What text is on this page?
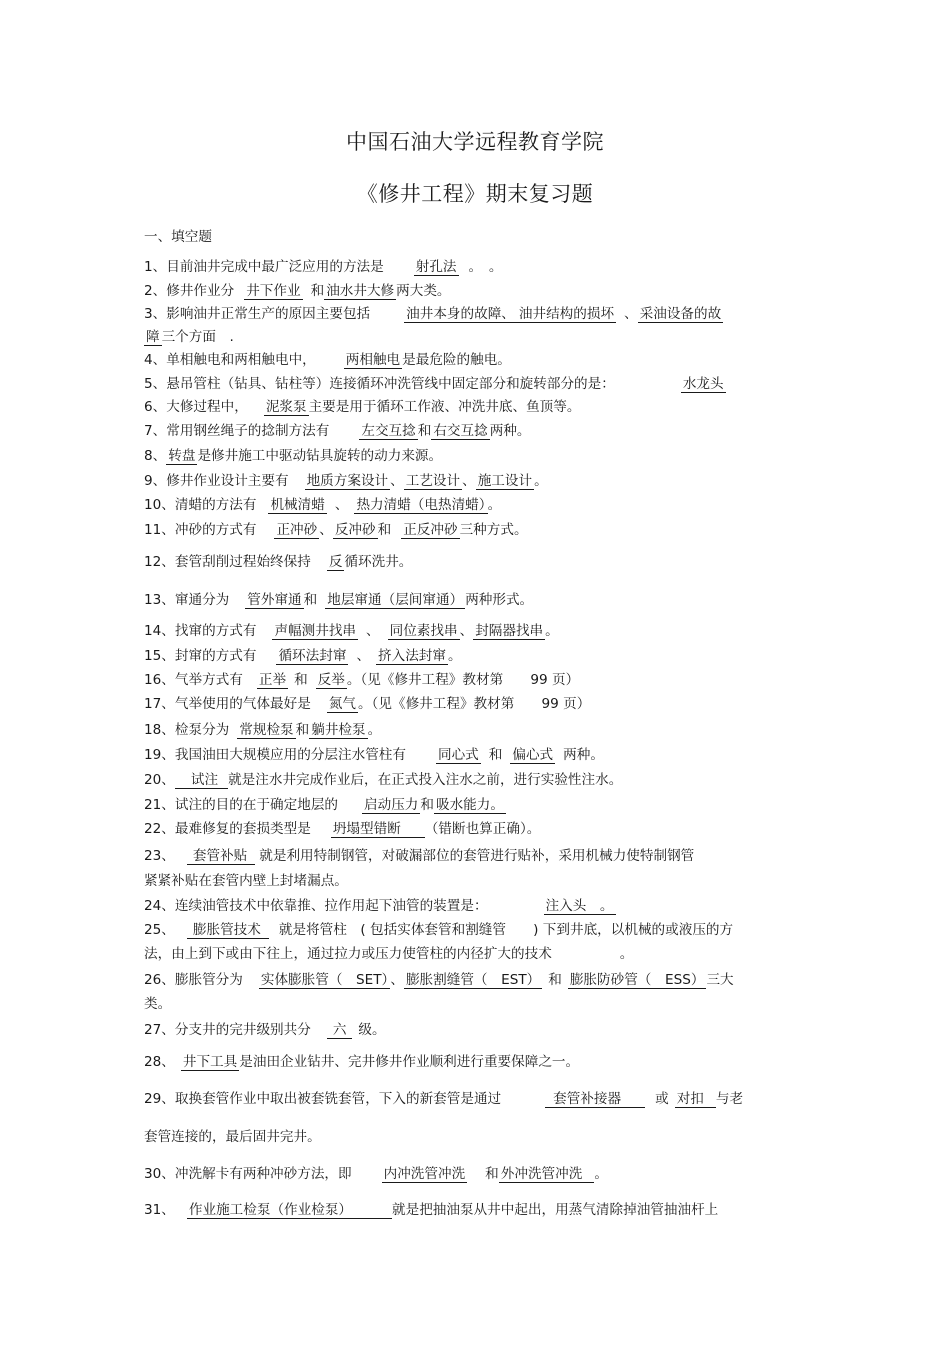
中国石油大学远程教育学院
《修井工程》期末复习题
一、填空题
1、目前油井完成中最广泛应用的方法是 射孔法 。　。
2、修井作业分 井下作业 和 油水井大修 两大类。
3、影响油井正常生产的原因主要包括	油井本身的故障、 油井结构的损坏 、 采油设备的故
障 三个方面　.
4、单相触电和两相触电中， 两相触电 是最危险的触电。
5、悬吊管柱（钻具、钻柱等）连接循环冲洗管线中固定部分和旋转部分的是：	水龙头
6、大修过程中， 泥浆泵 主要是用于循环工作液、冲洗井底、鱼顶等。
7、常用钢丝绳子的捻制方法有 左交互捻 和 右交互捻 两种。
8、 转盘 是修井施工中驱动钻具旋转的动力来源。
9、修井作业设计主要有 地质方案设计 、 工艺设计 、 施工设计 。
10、清蜡的方法有 机械清蜡 、 热力清蜡（电热清蜡） 。
11、冲砂的方式有 正冲砂 、 反冲砂 和 正反冲砂 三种方式。
12、套管刮削过程始终保持 反 循环洗井。
13、窜通分为 管外窜通 和 地层窜通（层间窜通） 两种形式。
14、找窜的方式有 声幅测井找串 、 同位素找串 、 封隔器找串 。
15、封窜的方式有 循环法封窜 、 挤入法封窜 。
16、气举方式有 正举 和 反举 。（见《修井工程》教材第　　99 页）
17、气举使用的气体最好是 氮气 。（见《修井工程》教材第　　99 页）
18、检泵分为 常规检泵 和 躺井检泵 。
19、我国油田大规模应用的分层注水管柱有 同心式 和 偏心式 两种。
20、 试注 就是注水井完成作业后，在正式投入注水之前，进行实验性注水。
21、试注的目的在于确定地层的 启动压力 和 吸水能力。
22、最难修复的套损类型是 坍塌型错断 （错断也算正确）。
23、 套管补贴 就是利用特制钢管，对破漏部位的套管进行贴补，采用机械力使特制钢管
紧紧补贴在套管内壁上封堵漏点。
24、连续油管技术中依靠推、拉作用起下油管的装置是：	注入头　。
25、 膨胀管技术 就是将管柱　( 包括实体套管和割缝管　　) 下到井底，以机械的或液压的方
法，由上到下或由下往上，通过拉力或压力使管柱的内径扩大的技术　　　　　。
26、膨胀管分为 实体膨胀管（　SET） 、 膨胀割缝管（　EST） 和 膨胀防砂管（　ESS） 三大
类。
27、分支井的完井级别共分 六 级。
28、 井下工具 是油田企业钻井、完井修井作业顺利进行重要保障之一。
29、取换套管作业中取出被套铣套管，下入的新套管是通过	套管补接器	或 对扣 与老
套管连接的，最后固井完井。
30、冲洗解卡有两种冲砂方法，即 内冲洗管冲洗 和 外冲洗管冲洗 。
31、 作业施工检泵（作业检泵）	就是把抽油泵从井中起出，用蒸气清除掉油管抽油杆上
